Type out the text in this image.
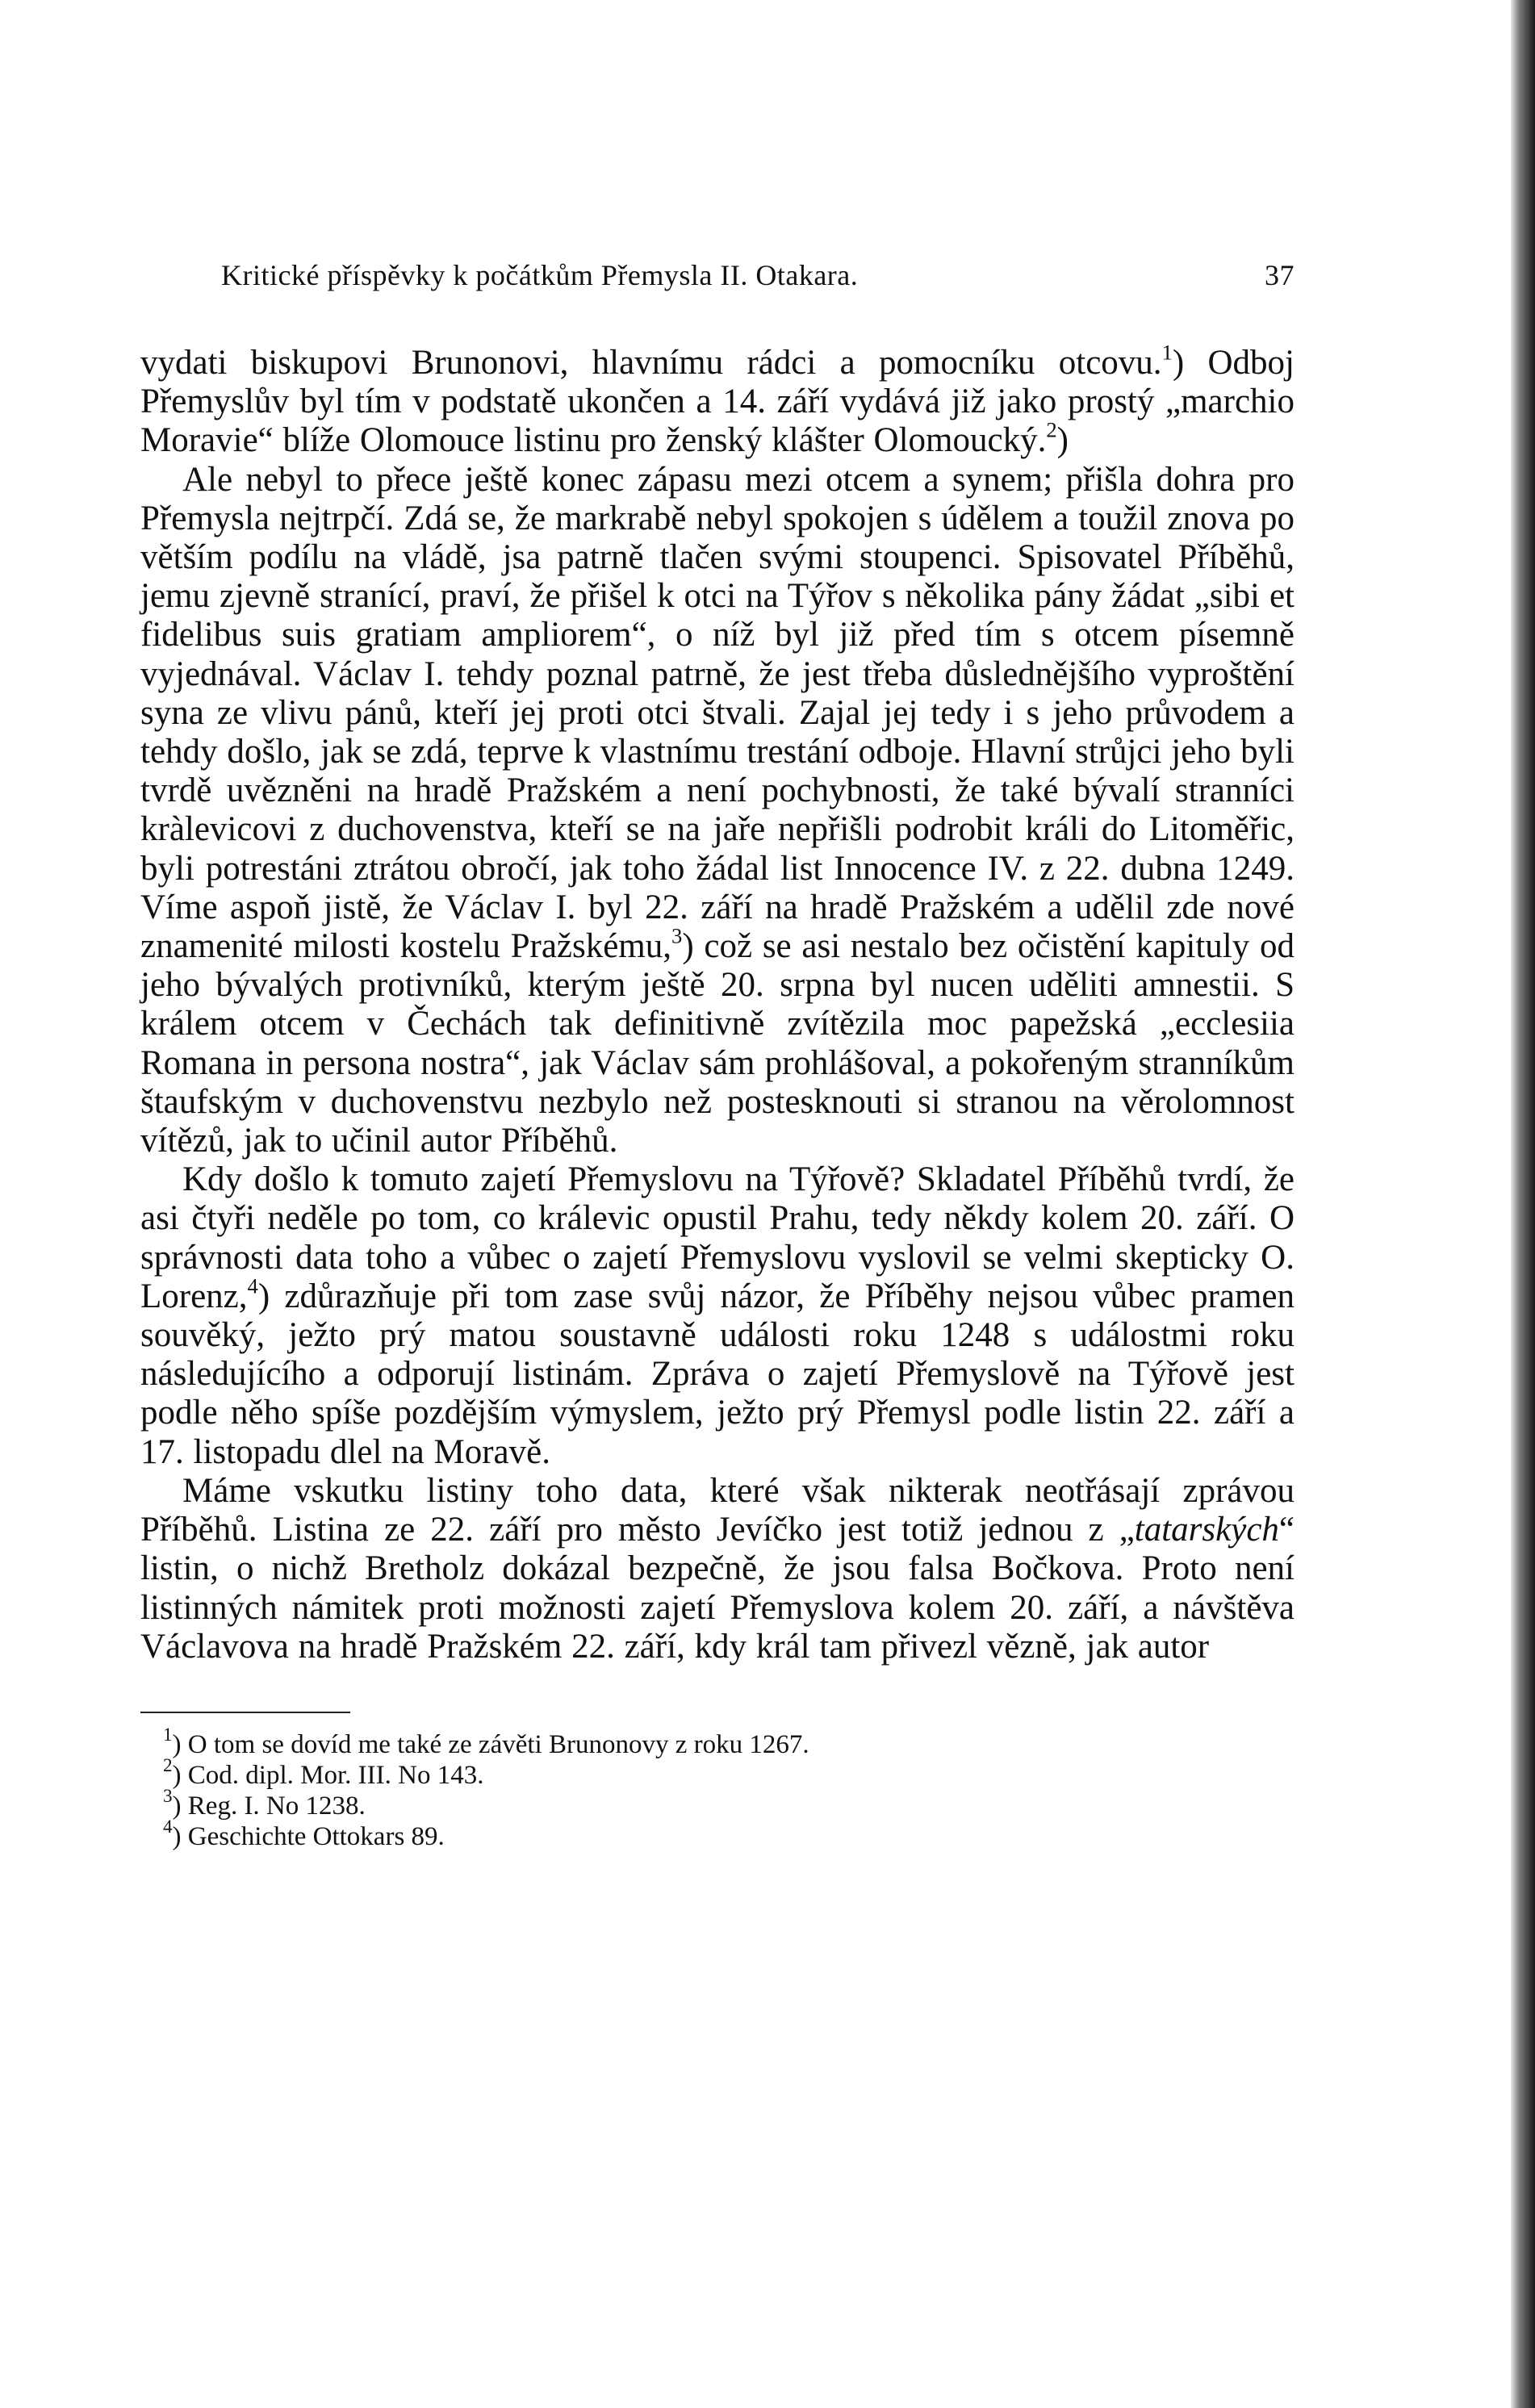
Kritické příspěvky k počátkům Přemysla II. Otakara.	37

vydati biskupovi Brunonovi, hlavnímu rádci a pomocníku otcovu.$^1$) Odboj Přemyslův byl tím v podstatě ukončen a 14. září vydává již jako prostý „marchio Moravie“ blíže Olomouce listinu pro ženský klášter Olomoucký.$^2$)

Ale nebyl to přece ještě konec zápasu mezi otcem a synem; přišla dohra pro Přemysla nejtrpčí. Zdá se, že markrabě nebyl spokojen s údělem a toužil znova po větším podílu na vládě, jsa patrně tlačen svými stoupenci. Spisovatel Příběhů, jemu zjevně stranící, praví, že přišel k otci na Týřov s několika pány žádat „sibi et fidelibus suis gratiam ampliorem“, o níž byl již před tím s otcem písemně vyjednával. Václav I. tehdy poznal patrně, že jest třeba důslednějšího vyproštění syna ze vlivu pánů, kteří jej proti otci štvali. Zajal jej tedy i s jeho průvodem a tehdy došlo, jak se zdá, teprve k vlastnímu trestání odboje. Hlavní strůjci jeho byli tvrdě uvězněni na hradě Pražském a není pochybnosti, že také bývalí stranníci kràlevicovi z duchovenstva, kteří se na jaře nepřišli podrobit králi do Litoměřic, byli potrestáni ztrátou obročí, jak toho žádal list Innocence IV. z 22. dubna 1249. Víme aspoň jistě, že Václav I. byl 22. září na hradě Pražském a udělil zde nové znamenité milosti kostelu Pražskému,$^3$) což se asi nestalo bez očistění kapituly od jeho bývalých protivníků, kterým ještě 20. srpna byl nucen uděliti amnestii. S králem otcem v Čechách tak definitivně zvítězila moc papežská „ecclesiia Romana in persona nostra“, jak Václav sám prohlášoval, a pokořeným stranníkům štaufským v duchovenstvu nezbylo než postesknouti si stranou na věrolomnost vítězů, jak to učinil autor Příběhů.

Kdy došlo k tomuto zajetí Přemyslovu na Týřově? Skladatel Příběhů tvrdí, že asi čtyři neděle po tom, co králevic opustil Prahu, tedy někdy kolem 20. září. O správnosti data toho a vůbec o zajetí Přemyslovu vyslovil se velmi skepticky O. Lorenz,$^4$) zdůrazňuje při tom zase svůj názor, že Příběhy nejsou vůbec pramen souvěký, ježto prý matou soustavně události roku 1248 s událostmi roku následujícího a odporují listinám. Zpráva o zajetí Přemyslově na Týřově jest podle něho spíše pozdějším výmyslem, ježto prý Přemysl podle listin 22. září a 17. listopadu dlel na Moravě.

Máme vskutku listiny toho data, které však nikterak neotřásají zprávou Příběhů. Listina ze 22. září pro město Jevíčko jest totiž jednou z „tatarských“ listin, o nichž Bretholz dokázal bezpečně, že jsou falsa Bočkova. Proto není listinných námitek proti možnosti zajetí Přemyslova kolem 20. září, a návštěva Václavova na hradě Pražském 22. září, kdy král tam přivezl vězně, jak autor

$^1$) O tom se dovíd me také ze závěti Brunonovy z roku 1267.
$^2$) Cod. dipl. Mor. III. No 143.
$^3$) Reg. I. No 1238.
$^4$) Geschichte Ottokars 89.
